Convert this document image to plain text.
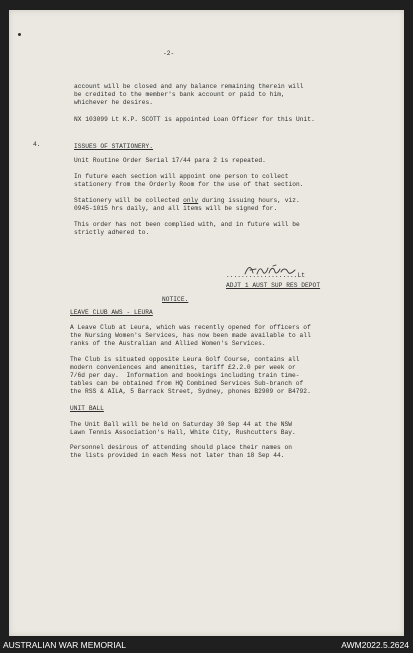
-2-
account will be closed and any balance remaining therein will
be credited to the member's bank account or paid to him,
whichever he desires.
NX 103099 Lt K.P. SCOTT is appointed Loan Officer for this Unit.
4.	ISSUES OF STATIONERY.
Unit Routine Order Serial 17/44 para 2 is repeated.
In future each section will appoint one person to collect
stationery from the Orderly Room for the use of that section.
Stationery will be collected only during issuing hours, viz.
0945-1015 hrs daily, and all items will be signed for.
This order has not been complied with, and in future will be
strictly adhered to.
...................Lt
ADJT 1 AUST SUP RES DEPOT
NOTICE.
LEAVE CLUB AWS - LEURA
A Leave Club at Leura, which was recently opened for officers of
the Nursing Women's Services, has now been made available to all
ranks of the Australian and Allied Women's Services.
The Club is situated opposite Leura Golf Course, contains all
modern conveniences and amenities, tariff £2.2.0 per week or
7/6d per day.  Information and bookings including train time-
tables can be obtained from HQ Combined Services Sub-branch of
the RSS & AILA, 5 Barrack Street, Sydney, phones B2909 or B4792.
UNIT BALL
The Unit Ball will be held on Saturday 30 Sep 44 at the NSW
Lawn Tennis Association's Hall, White City, Rushcutters Bay.
Personnel desirous of attending should place their names on
the lists provided in each Mess not later than 18 Sep 44.
AUSTRALIAN WAR MEMORIAL	AWM2022.5.2624
